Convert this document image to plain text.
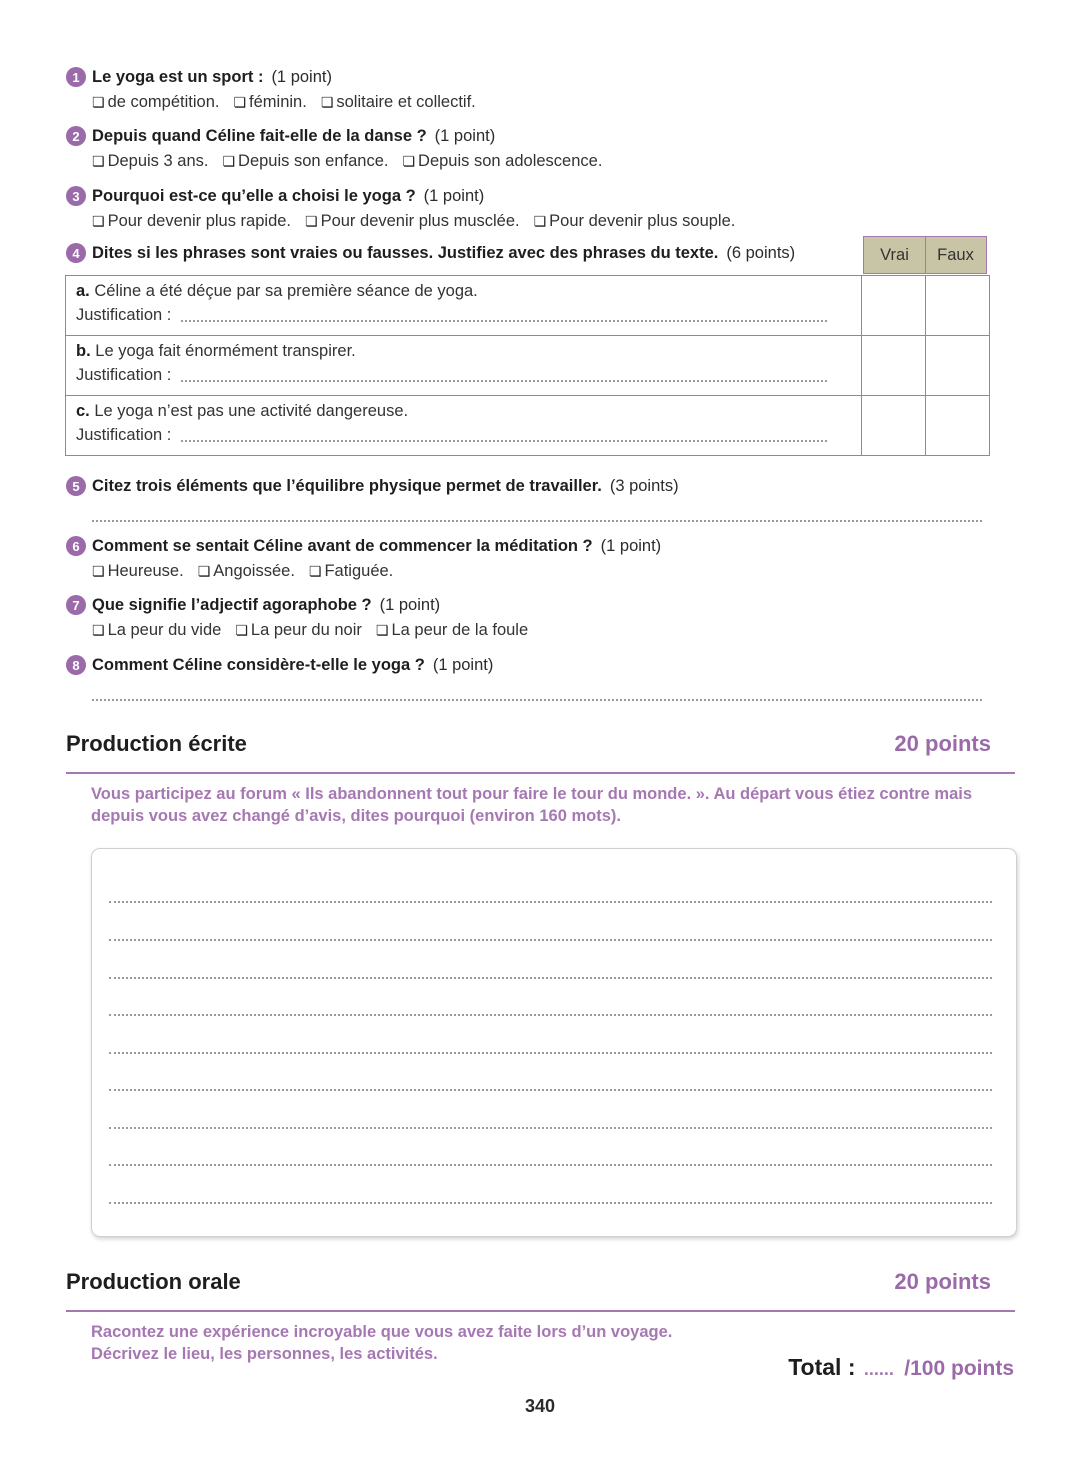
1 Le yoga est un sport : (1 point)
❏ de compétition. ❏ féminin. ❏ solitaire et collectif.
2 Depuis quand Céline fait-elle de la danse ? (1 point)
❏ Depuis 3 ans. ❏ Depuis son enfance. ❏ Depuis son adolescence.
3 Pourquoi est-ce qu’elle a choisi le yoga ? (1 point)
❏ Pour devenir plus rapide. ❏ Pour devenir plus musclée. ❏ Pour devenir plus souple.
4 Dites si les phrases sont vraies ou fausses. Justifiez avec des phrases du texte. (6 points)	Vrai	Faux
a. Céline a été déçue par sa première séance de yoga.
Justification :		

b. Le yoga fait énormément transpirer.
Justification :		

c. Le yoga n’est pas une activité dangereuse.
Justification :		

5 Citez trois éléments que l’équilibre physique permet de travailler. (3 points)
6 Comment se sentait Céline avant de commencer la méditation ? (1 point)
❏ Heureuse. ❏ Angoissée. ❏ Fatiguée.
7 Que signifie l’adjectif agoraphobe ? (1 point)
❏ La peur du vide ❏ La peur du noir ❏ La peur de la foule
8 Comment Céline considère-t-elle le yoga ? (1 point)
Production écrite	20 points
Vous participez au forum « Ils abandonnent tout pour faire le tour du monde. ». Au départ vous étiez contre mais depuis vous avez changé d’avis, dites pourquoi (environ 160 mots).
Production orale	20 points
Racontez une expérience incroyable que vous avez faite lors d’un voyage.
Décrivez le lieu, les personnes, les activités.	Total : ...... /100 points
340
